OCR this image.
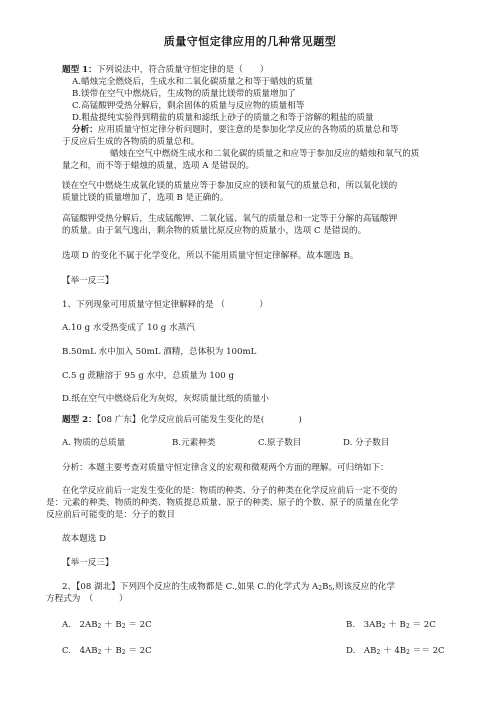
质量守恒定律应用的几种常见题型
题型 1：下列说法中，符合质量守恒定律的是（　　）
A.蜡烛完全燃烧后，生成水和二氧化碳质量之和等于蜡烛的质量
B.镁带在空气中燃烧后，生成物的质量比镁带的质量增加了
C.高锰酸钾受热分解后，剩余固体的质量与反应物的质量相等
D.粗盐提纯实验得到精盐的质量和滤纸上砂子的质量之和等于溶解的粗盐的质量
分析：应用质量守恒定律分析问题时，要注意的是参加化学反应的各物质的质量总和等
于反应后生成的各物质的质量总和。
蜡烛在空气中燃烧生成水和二氧化碳的质量之和应等于参加反应的蜡烛和氧气的质
量之和，而不等于蜡烛的质量，选项 A 是错误的。
镁在空气中燃烧生成氧化镁的质量应等于参加反应的镁和氧气的质量总和，所以氧化镁的
质量比镁的质量增加了，选项 B 是正确的。
高锰酸钾受热分解后，生成锰酸钾、二氧化锰、氧气的质量总和一定等于分解的高锰酸钾
的质量。由于氧气逸出，剩余物的质量比原反应物的质量小，选项 C 是错误的。
选项 D 的变化不属于化学变化，所以不能用质量守恒定律解释。故本题选 B。
【举一反三】
1、下列现象可用质量守恒定律解释的是 （　　　　）
A.10 g 水受热变成了 10 g 水蒸汽
B.50mL 水中加入 50mL 酒精，总体积为 100mL
C.5 g 蔗糖溶于 95 g 水中，总质量为 100 g
D.纸在空气中燃烧后化为灰烬，灰烬质量比纸的质量小
题型 2：【08 广东】化学反应前后可能发生变化的是(　　　　)
A. 物质的总质量	B.元素种类	C.原子数目	D. 分子数目
分析：本题主要考查对质量守恒定律含义的宏观和微观两个方面的理解。可归纳如下：
在化学反应前后一定发生变化的是：物质的种类、分子的种类在化学反应前后一定不变的
是：元素的种类、物质的种类、物质提总质量、原子的种类、原子的个数、原子的质量在化学
反应前后可能变的是：分子的数目
故本题选 D
【举一反三】
2、【08 湖北】下列四个反应的生成物都是 C.,如果 C.的化学式为 $A_2B_5$,则该反应的化学
方程式为　（　　　）
A.　$2AB_2 + B_2 = 2C$	B.　$3AB_2 + B_2 = 2C$
C.　$4AB_2 + B_2 = 2C$	D.　$AB_2 + 4B_2 == 2C$
